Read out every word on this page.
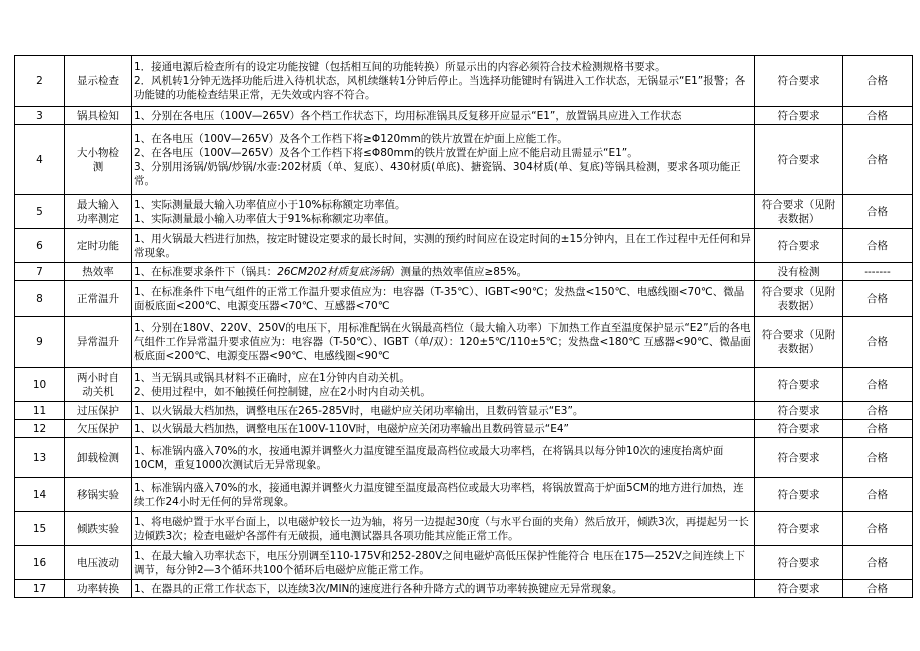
2	显示检查	1．接通电源后检查所有的设定功能按键（包括相互间的功能转换）所显示出的内容必须符合技术检测规格书要求。
2．风机转1分钟无选择功能后进入待机状态，风机续继转1分钟后停止。当选择功能键时有锅进入工作状态，无锅显示“E1”报警；各功能键的功能检查结果正常，无失效或内容不符合。	符合要求	合格
3	锅具检知	1、分别在各电压（100V—265V）各个档工作状态下，均用标准锅具反复移开应显示“E1”，放置锅具应进入工作状态	符合要求	合格
4	大小物检
测	1、在各电压（100V—265V）及各个工作档下将≥Φ120mm的铁片放置在炉面上应能工作。
2、在各电压（100V—265V）及各个工作档下将≤Φ80mm的铁片放置在炉面上应不能启动且需显示“E1”。
3、分别用汤锅/奶锅/炒锅/水壶:202材质（单、复底）、430材质(单底)、搪瓷锅、304材质(单、复底)等锅具检测，要求各项功能正常。	符合要求	合格
5	最大输入
功率测定	1、实际测量最大输入功率值应小于10%标称额定功率值。
1、实际测量最小输入功率值大于91%标称额定功率值。	符合要求（见附
表数据）	合格
6	定时功能	1、用火锅最大档进行加热，按定时键设定要求的最长时间，实测的预约时间应在设定时间的±15分钟内，且在工作过程中无任何和异常现象。	符合要求	合格
7	热效率	1、在标准要求条件下（锅具：26CM202材质复底汤锅）测量的热效率值应≥85%。	没有检测	-------
8	正常温升	1、在标准条件下电气组件的正常工作温升要求值应为：电容器（T-35℃）、IGBT<90℃；发热盘<150℃、电感线圈<70℃、微晶面板底面<200℃、电源变压器<70℃、互感器<70℃	符合要求（见附
表数据）	合格
9	异常温升	1、分别在180V、220V、250V的电压下，用标准配锅在火锅最高档位（最大输入功率）下加热工作直至温度保护显示“E2”后的各电气组件工作异常温升要求值应为：电容器（T-50℃）、IGBT（单/双）：120±5℃/110±5℃；发热盘<180℃ 互感器<90℃、微晶面板底面<200℃、电源变压器<90℃、电感线圈<90℃	符合要求（见附
表数据）	合格
10	两小时自
动关机	1、当无锅具或锅具材料不正确时，应在1分钟内自动关机。
2、使用过程中，如不触摸任何控制键，应在2小时内自动关机。	符合要求	合格
11	过压保护	1、以火锅最大档加热，调整电压在265-285V时，电磁炉应关闭功率输出，且数码管显示“E3”。	符合要求	合格
12	欠压保护	1、以火锅最大档加热，调整电压在100V-110V时，电磁炉应关闭功率输出且数码管显示“E4”	符合要求	合格
13	卸载检测	1、标准锅内盛入70%的水，按通电源并调整火力温度键至温度最高档位或最大功率档，在将锅具以每分钟10次的速度抬离炉面10CM，重复1000次测试后无异常现象。	符合要求	合格
14	移锅实验	1、标准锅内盛入70%的水，接通电源并调整火力温度键至温度最高档位或最大功率档，将锅放置高于炉面5CM的地方进行加热，连续工作24小时无任何的异常现象。	符合要求	合格
15	倾跌实验	1、将电磁炉置于水平台面上，以电磁炉较长一边为轴，将另一边提起30度（与水平台面的夹角）然后放开，倾跌3次，再提起另一长边倾跌3次；检查电磁炉各部件有无破损，通电测试器具各项功能其应能正常工作。	符合要求	合格
16	电压波动	1、在最大输入功率状态下，电压分别调至110-175V和252-280V之间电磁炉高低压保护性能符合 电压在175—252V之间连续上下调节，每分钟2—3个循环共100个循环后电磁炉应能正常工作。	符合要求	合格
17	功率转换	1、在器具的正常工作状态下，以连续3次/MIN的速度进行各种升降方式的调节功率转换键应无异常现象。	符合要求	合格
